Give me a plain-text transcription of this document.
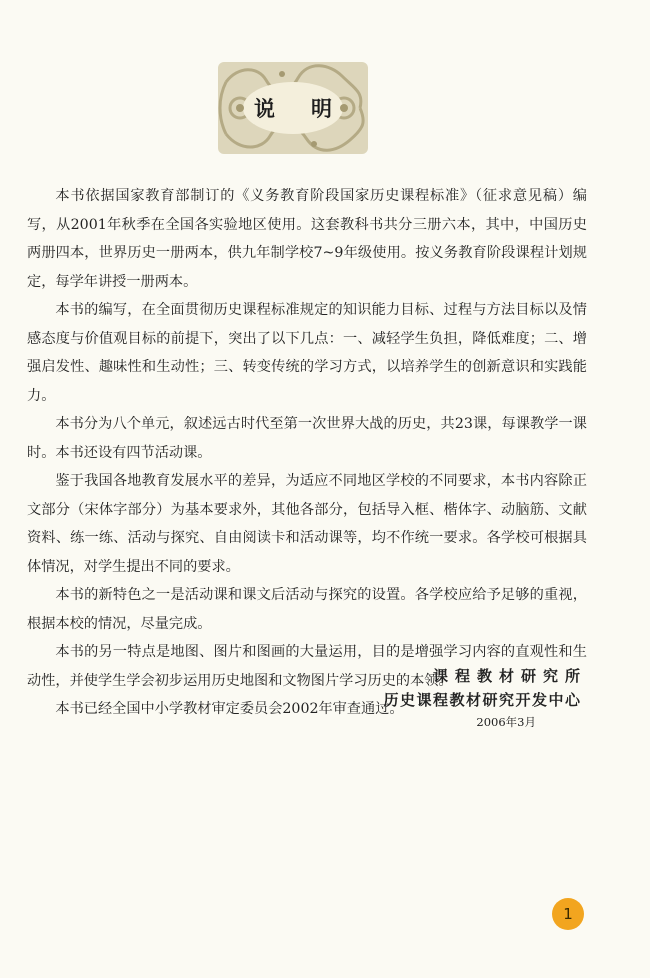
说明

本书依据国家教育部制订的《义务教育阶段国家历史课程标准》（征求意见稿）编写，从2001年秋季在全国各实验地区使用。这套教科书共分三册六本，其中，中国历史两册四本，世界历史一册两本，供九年制学校7~9年级使用。按义务教育阶段课程计划规定，每学年讲授一册两本。

本书的编写，在全面贯彻历史课程标准规定的知识能力目标、过程与方法目标以及情感态度与价值观目标的前提下，突出了以下几点：一、减轻学生负担，降低难度；二、增强启发性、趣味性和生动性；三、转变传统的学习方式，以培养学生的创新意识和实践能力。

本书分为八个单元，叙述远古时代至第一次世界大战的历史，共23课，每课教学一课时。本书还设有四节活动课。

鉴于我国各地教育发展水平的差异，为适应不同地区学校的不同要求，本书内容除正文部分（宋体字部分）为基本要求外，其他各部分，包括导入框、楷体字、动脑筋、文献资料、练一练、活动与探究、自由阅读卡和活动课等，均不作统一要求。各学校可根据具体情况，对学生提出不同的要求。

本书的新特色之一是活动课和课文后活动与探究的设置。各学校应给予足够的重视，根据本校的情况，尽量完成。

本书的另一特点是地图、图片和图画的大量运用，目的是增强学习内容的直观性和生动性，并使学生学会初步运用历史地图和文物图片学习历史的本领。

本书已经全国中小学教材审定委员会2002年审查通过。

课程教材研究所
历史课程教材研究开发中心
2006年3月
1
